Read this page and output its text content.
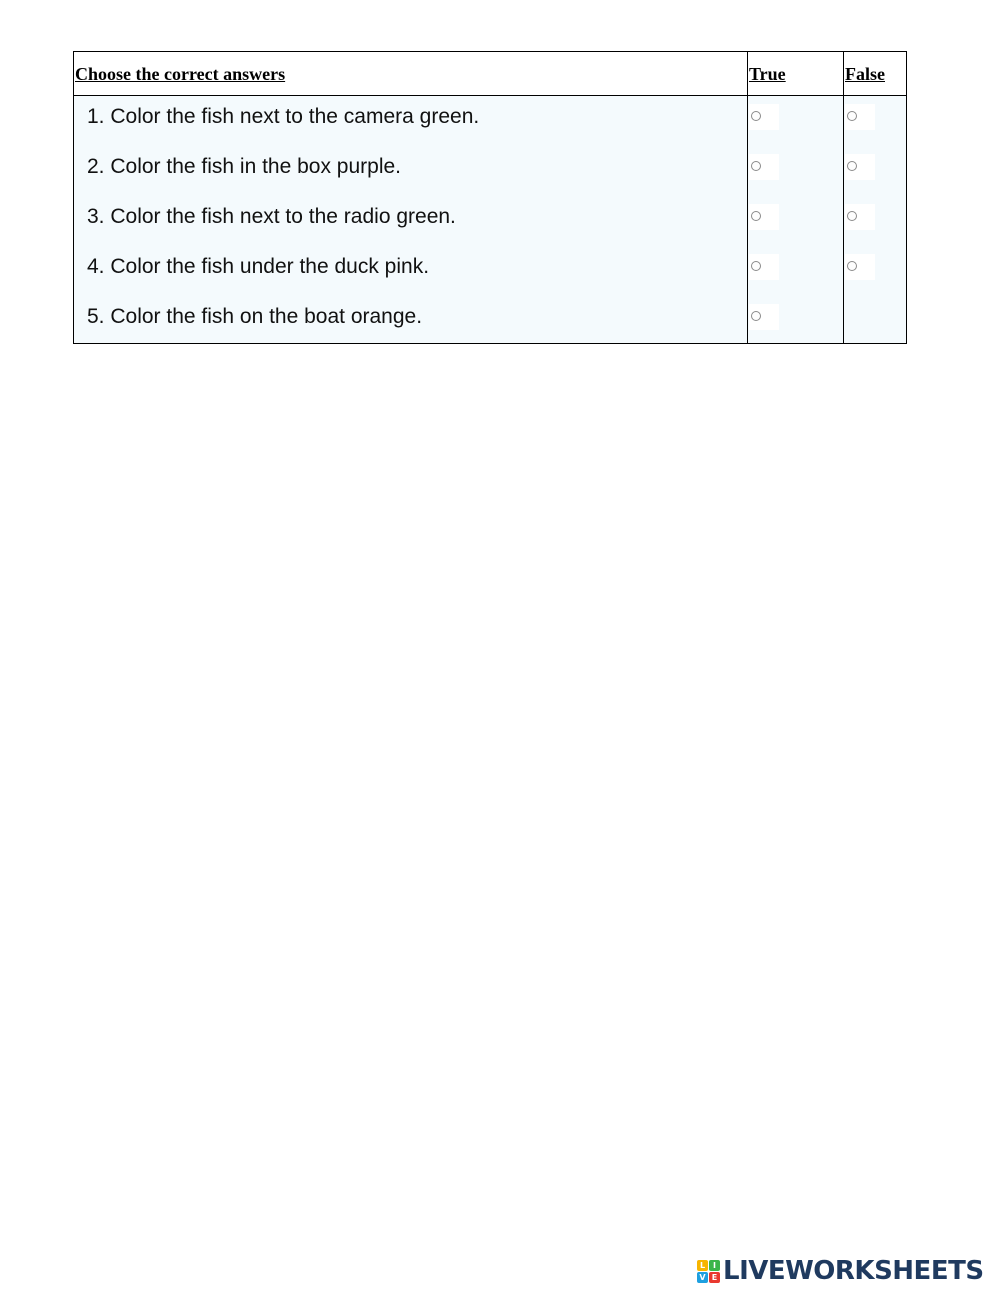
Choose the correct answers	True	False
1. Color the fish next to the camera green.
2. Color the fish in the box purple.
3. Color the fish next to the radio green.
4. Color the fish under the duck pink.
5. Color the fish on the boat orange.
L I
V E LIVEWORKSHEETS
